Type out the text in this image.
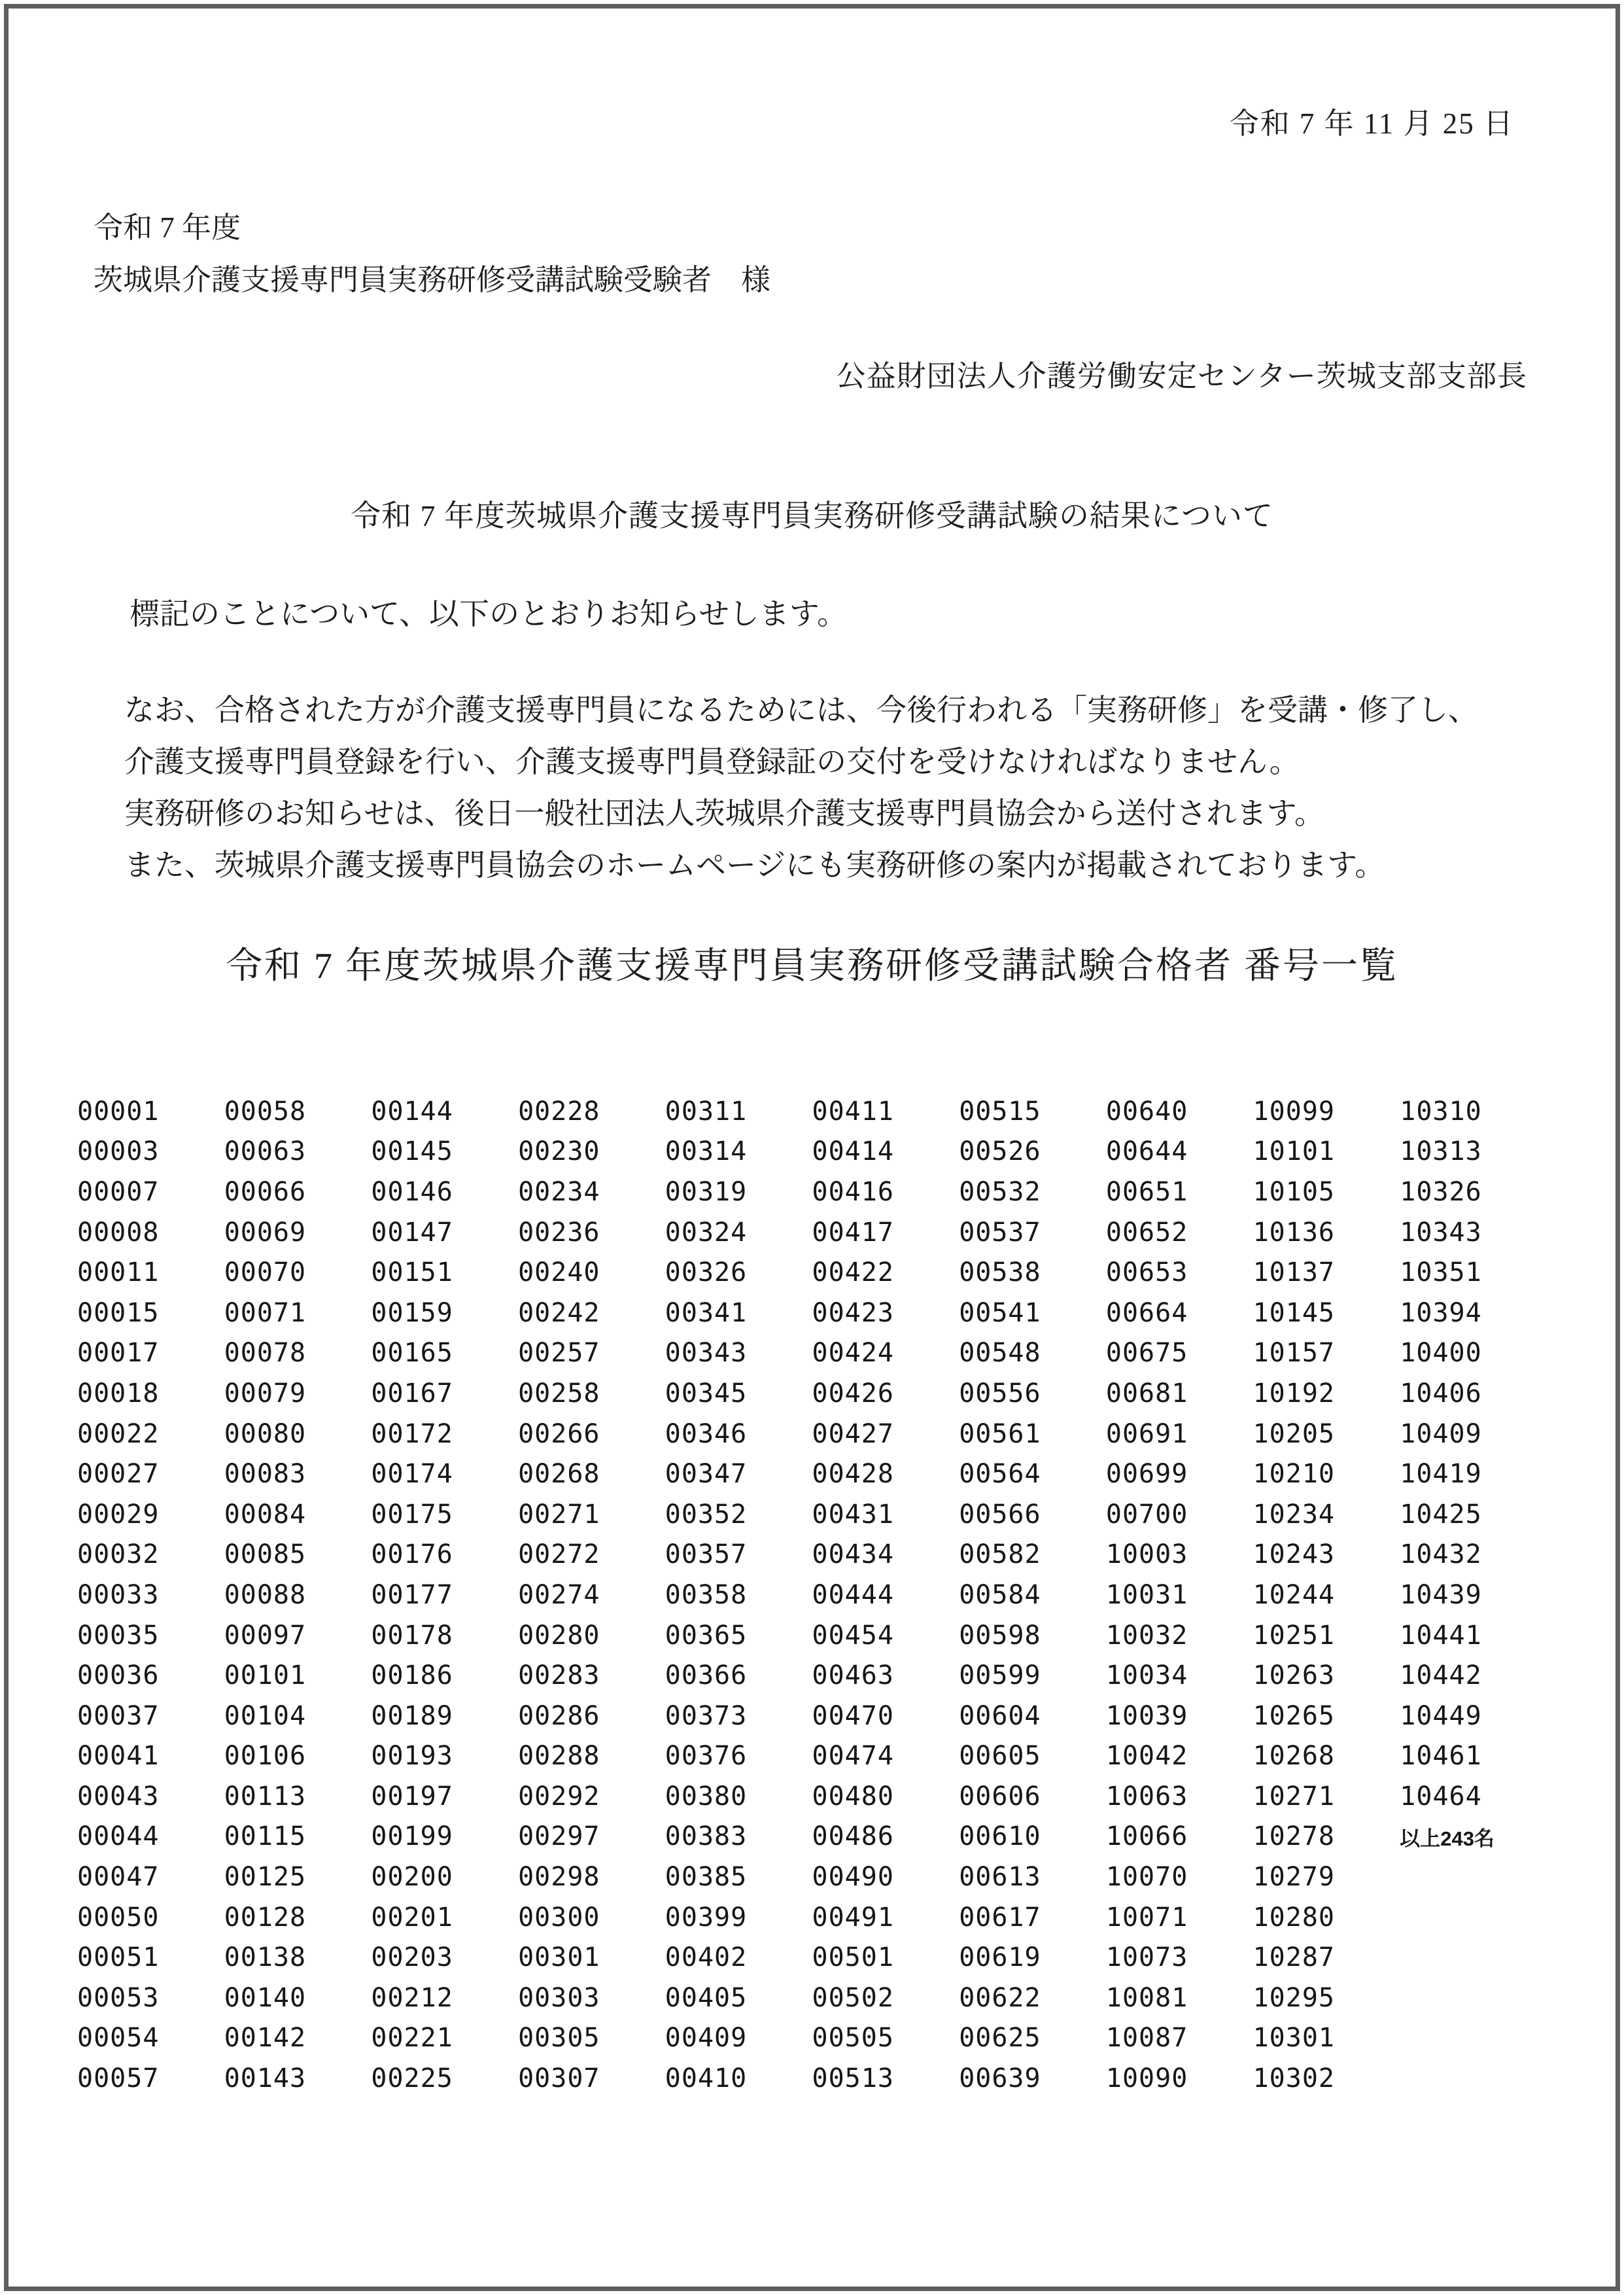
令和 7 年 11 月 25 日
令和 7 年度
茨城県介護支援専門員実務研修受講試験受験者　様
公益財団法人介護労働安定センター茨城支部支部長
令和 7 年度茨城県介護支援専門員実務研修受講試験の結果について
標記のことについて、以下のとおりお知らせします。
なお、合格された方が介護支援専門員になるためには、今後行われる「実務研修」を受講・修了し、
介護支援専門員登録を行い、介護支援専門員登録証の交付を受けなければなりません。
実務研修のお知らせは、後日一般社団法人茨城県介護支援専門員協会から送付されます。
また、茨城県介護支援専門員協会のホームページにも実務研修の案内が掲載されております。
令和 7 年度茨城県介護支援専門員実務研修受講試験合格者 番号一覧
00001
00003
00007
00008
00011
00015
00017
00018
00022
00027
00029
00032
00033
00035
00036
00037
00041
00043
00044
00047
00050
00051
00053
00054
00057
00058
00063
00066
00069
00070
00071
00078
00079
00080
00083
00084
00085
00088
00097
00101
00104
00106
00113
00115
00125
00128
00138
00140
00142
00143
00144
00145
00146
00147
00151
00159
00165
00167
00172
00174
00175
00176
00177
00178
00186
00189
00193
00197
00199
00200
00201
00203
00212
00221
00225
00228
00230
00234
00236
00240
00242
00257
00258
00266
00268
00271
00272
00274
00280
00283
00286
00288
00292
00297
00298
00300
00301
00303
00305
00307
00311
00314
00319
00324
00326
00341
00343
00345
00346
00347
00352
00357
00358
00365
00366
00373
00376
00380
00383
00385
00399
00402
00405
00409
00410
00411
00414
00416
00417
00422
00423
00424
00426
00427
00428
00431
00434
00444
00454
00463
00470
00474
00480
00486
00490
00491
00501
00502
00505
00513
00515
00526
00532
00537
00538
00541
00548
00556
00561
00564
00566
00582
00584
00598
00599
00604
00605
00606
00610
00613
00617
00619
00622
00625
00639
00640
00644
00651
00652
00653
00664
00675
00681
00691
00699
00700
10003
10031
10032
10034
10039
10042
10063
10066
10070
10071
10073
10081
10087
10090
10099
10101
10105
10136
10137
10145
10157
10192
10205
10210
10234
10243
10244
10251
10263
10265
10268
10271
10278
10279
10280
10287
10295
10301
10302
10310
10313
10326
10343
10351
10394
10400
10406
10409
10419
10425
10432
10439
10441
10442
10449
10461
10464
以上243名
